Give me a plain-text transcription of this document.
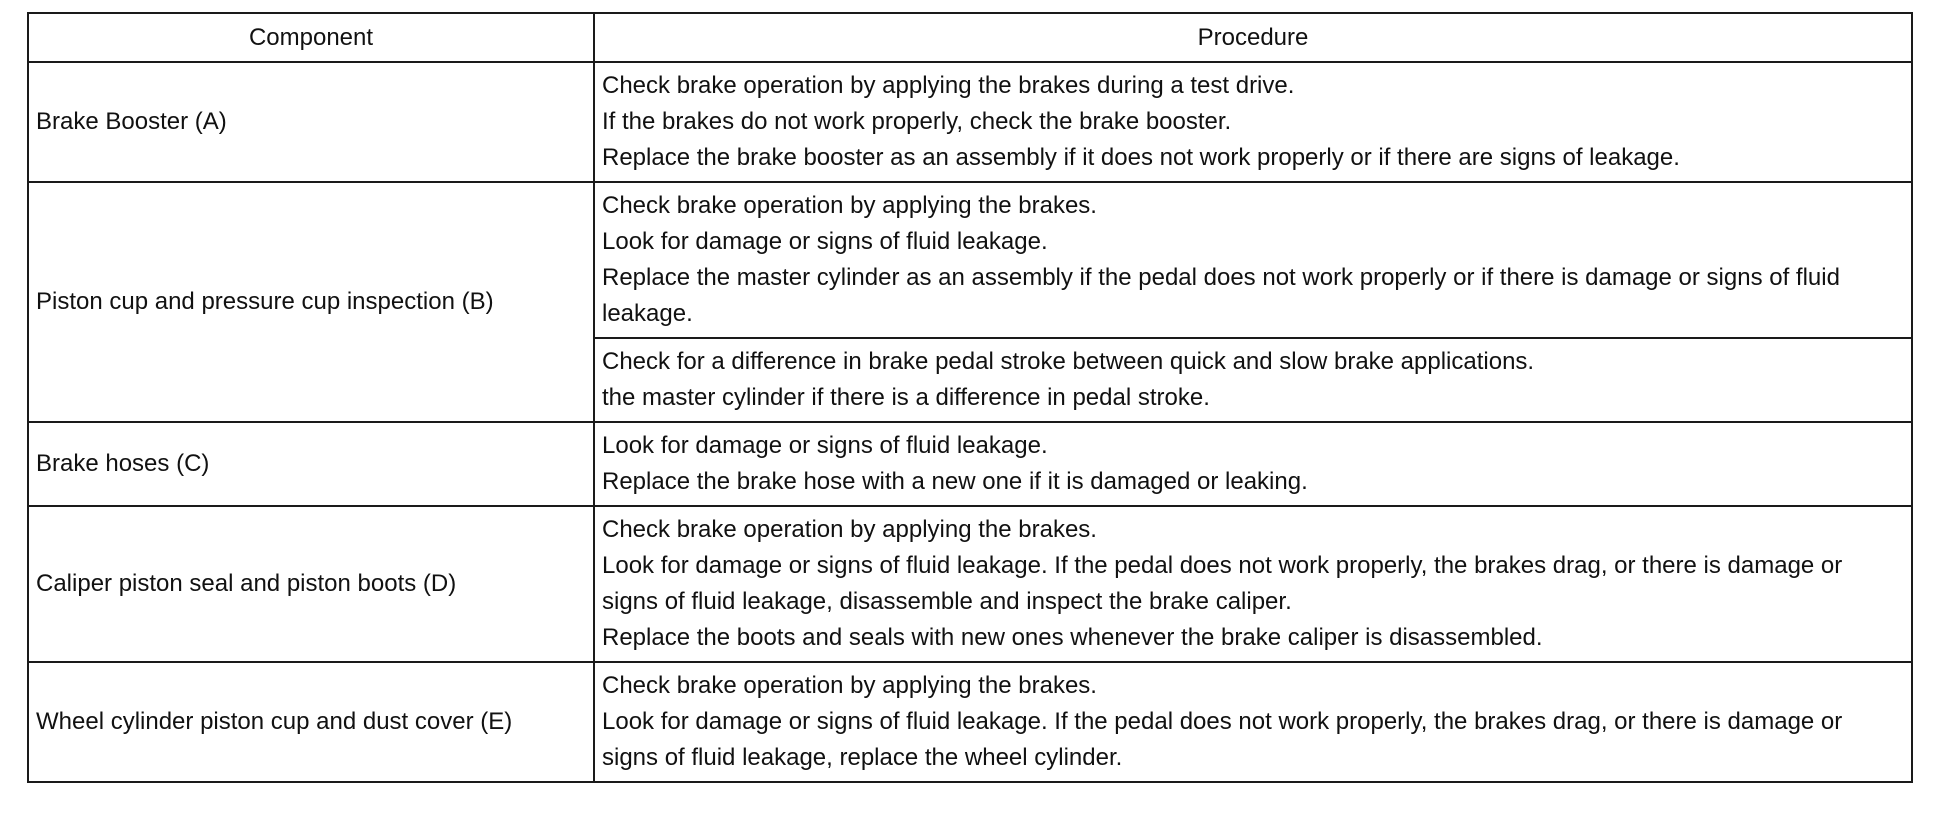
Component	Procedure
Brake Booster (A)	Check brake operation by applying the brakes during a test drive.
If the brakes do not work properly, check the brake booster.
Replace the brake booster as an assembly if it does not work properly or if there are signs of leakage.

Piston cup and pressure cup inspection (B)	Check brake operation by applying the brakes.
Look for damage or signs of fluid leakage.
Replace the master cylinder as an assembly if the pedal does not work properly or if there is damage or signs of fluid leakage.

	Check for a difference in brake pedal stroke between quick and slow brake applications.
the master cylinder if there is a difference in pedal stroke.

Brake hoses (C)	Look for damage or signs of fluid leakage.
Replace the brake hose with a new one if it is damaged or leaking.

Caliper piston seal and piston boots (D)	Check brake operation by applying the brakes.
Look for damage or signs of fluid leakage. If the pedal does not work properly, the brakes drag, or there is damage or signs of fluid leakage, disassemble and inspect the brake caliper.
Replace the boots and seals with new ones whenever the brake caliper is disassembled.

Wheel cylinder piston cup and dust cover (E)	Check brake operation by applying the brakes.
Look for damage or signs of fluid leakage. If the pedal does not work properly, the brakes drag, or there is damage or signs of fluid leakage, replace the wheel cylinder.
